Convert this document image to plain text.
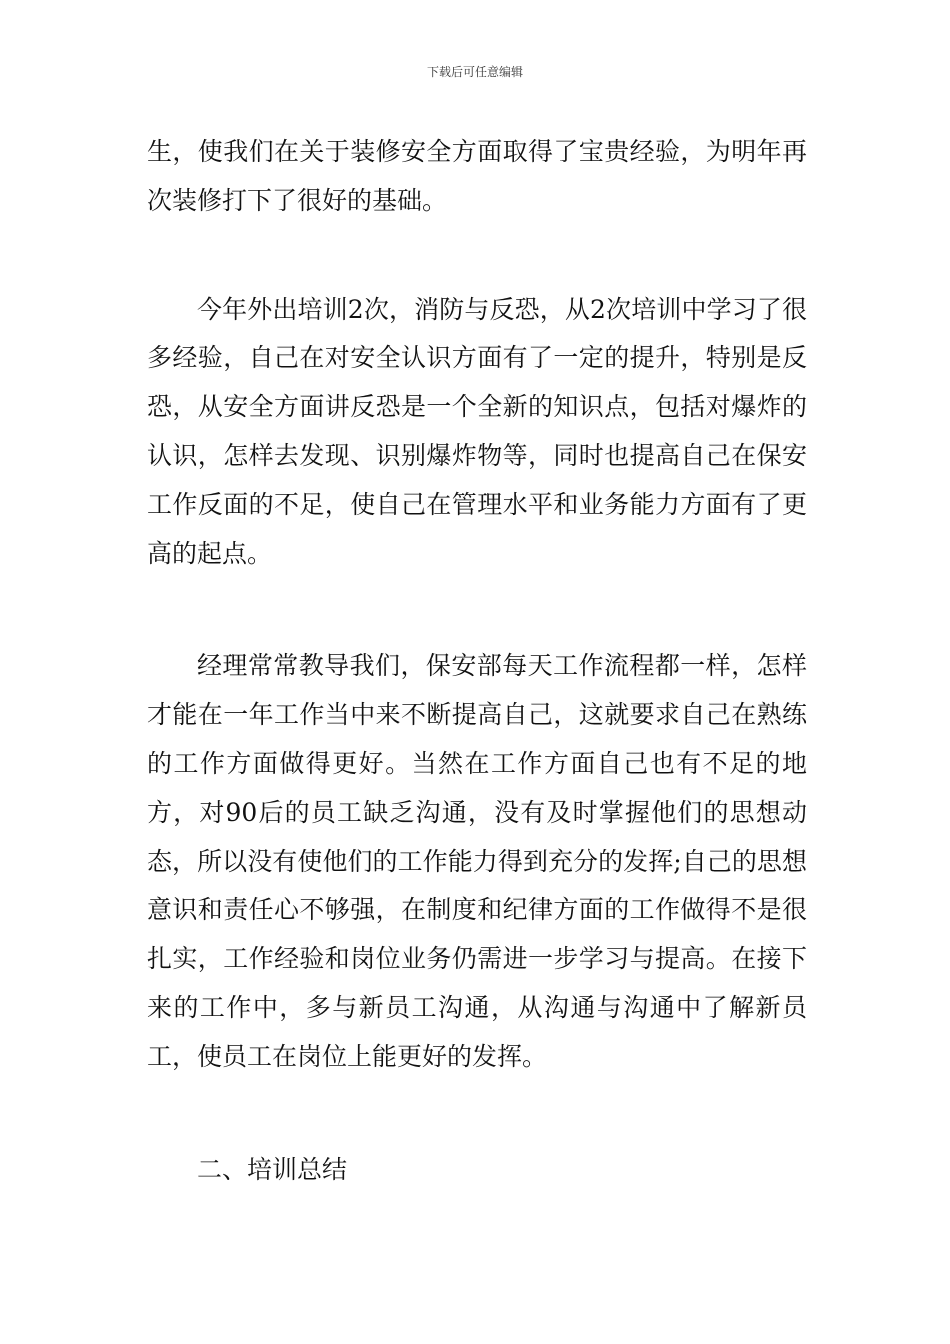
下载后可任意编辑

生，使我们在关于装修安全方面取得了宝贵经验，为明年再次装修打下了很好的基础。

今年外出培训2次，消防与反恐，从2次培训中学习了很多经验，自己在对安全认识方面有了一定的提升，特别是反恐，从安全方面讲反恐是一个全新的知识点，包括对爆炸的认识，怎样去发现、识别爆炸物等，同时也提高自己在保安工作反面的不足，使自己在管理水平和业务能力方面有了更高的起点。

经理常常教导我们，保安部每天工作流程都一样，怎样才能在一年工作当中来不断提高自己，这就要求自己在熟练的工作方面做得更好。当然在工作方面自己也有不足的地方，对90后的员工缺乏沟通，没有及时掌握他们的思想动态，所以没有使他们的工作能力得到充分的发挥;自己的思想意识和责任心不够强，在制度和纪律方面的工作做得不是很扎实，工作经验和岗位业务仍需进一步学习与提高。在接下来的工作中，多与新员工沟通，从沟通与沟通中了解新员工，使员工在岗位上能更好的发挥。

二、培训总结
